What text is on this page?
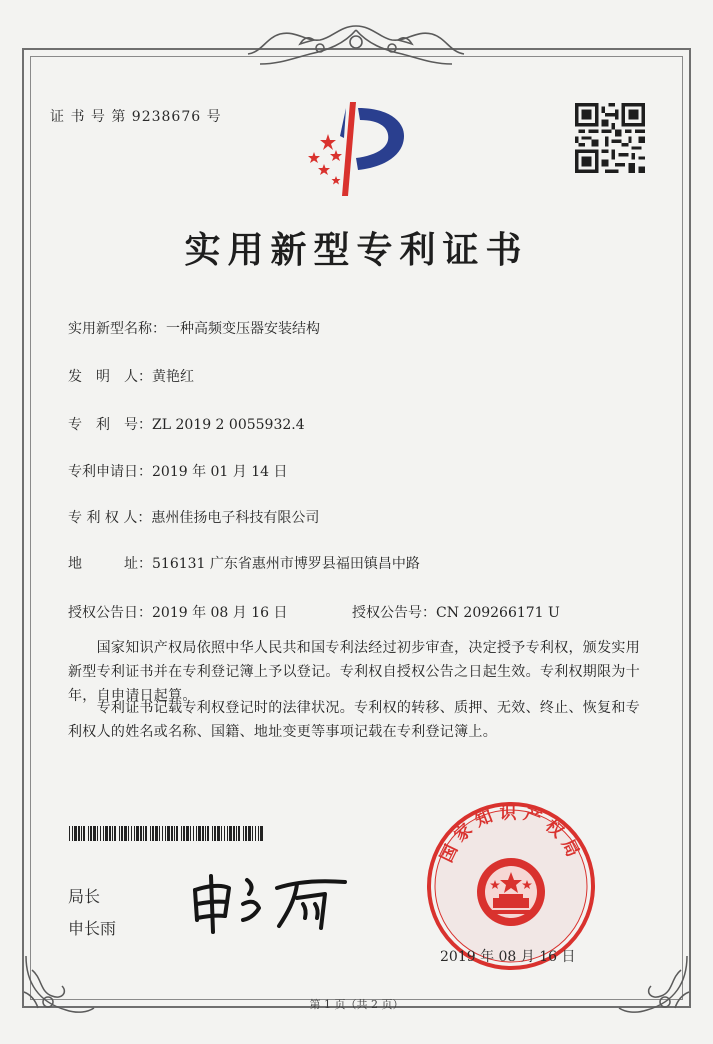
证 书 号 第 9238676 号
实用新型专利证书
实用新型名称：一种高频变压器安装结构
发　明　人：黄艳红
专　利　号：ZL 2019 2 0055932.4
专利申请日：2019 年 01 月 14 日
专 利 权 人：惠州佳扬电子科技有限公司
地　　　址：516131 广东省惠州市博罗县福田镇昌中路
授权公告日：2019 年 08 月 16 日	授权公告号：CN 209266171 U
　　国家知识产权局依照中华人民共和国专利法经过初步审查，决定授予专利权，颁发实用新型专利证书并在专利登记簿上予以登记。专利权自授权公告之日起生效。专利权期限为十年，自申请日起算。
　　专利证书记载专利权登记时的法律状况。专利权的转移、质押、无效、终止、恢复和专利权人的姓名或名称、国籍、地址变更等事项记载在专利登记簿上。
局长
申长雨
国家知识产权局
2019 年 08 月 16 日
第 1 页（共 2 页）
